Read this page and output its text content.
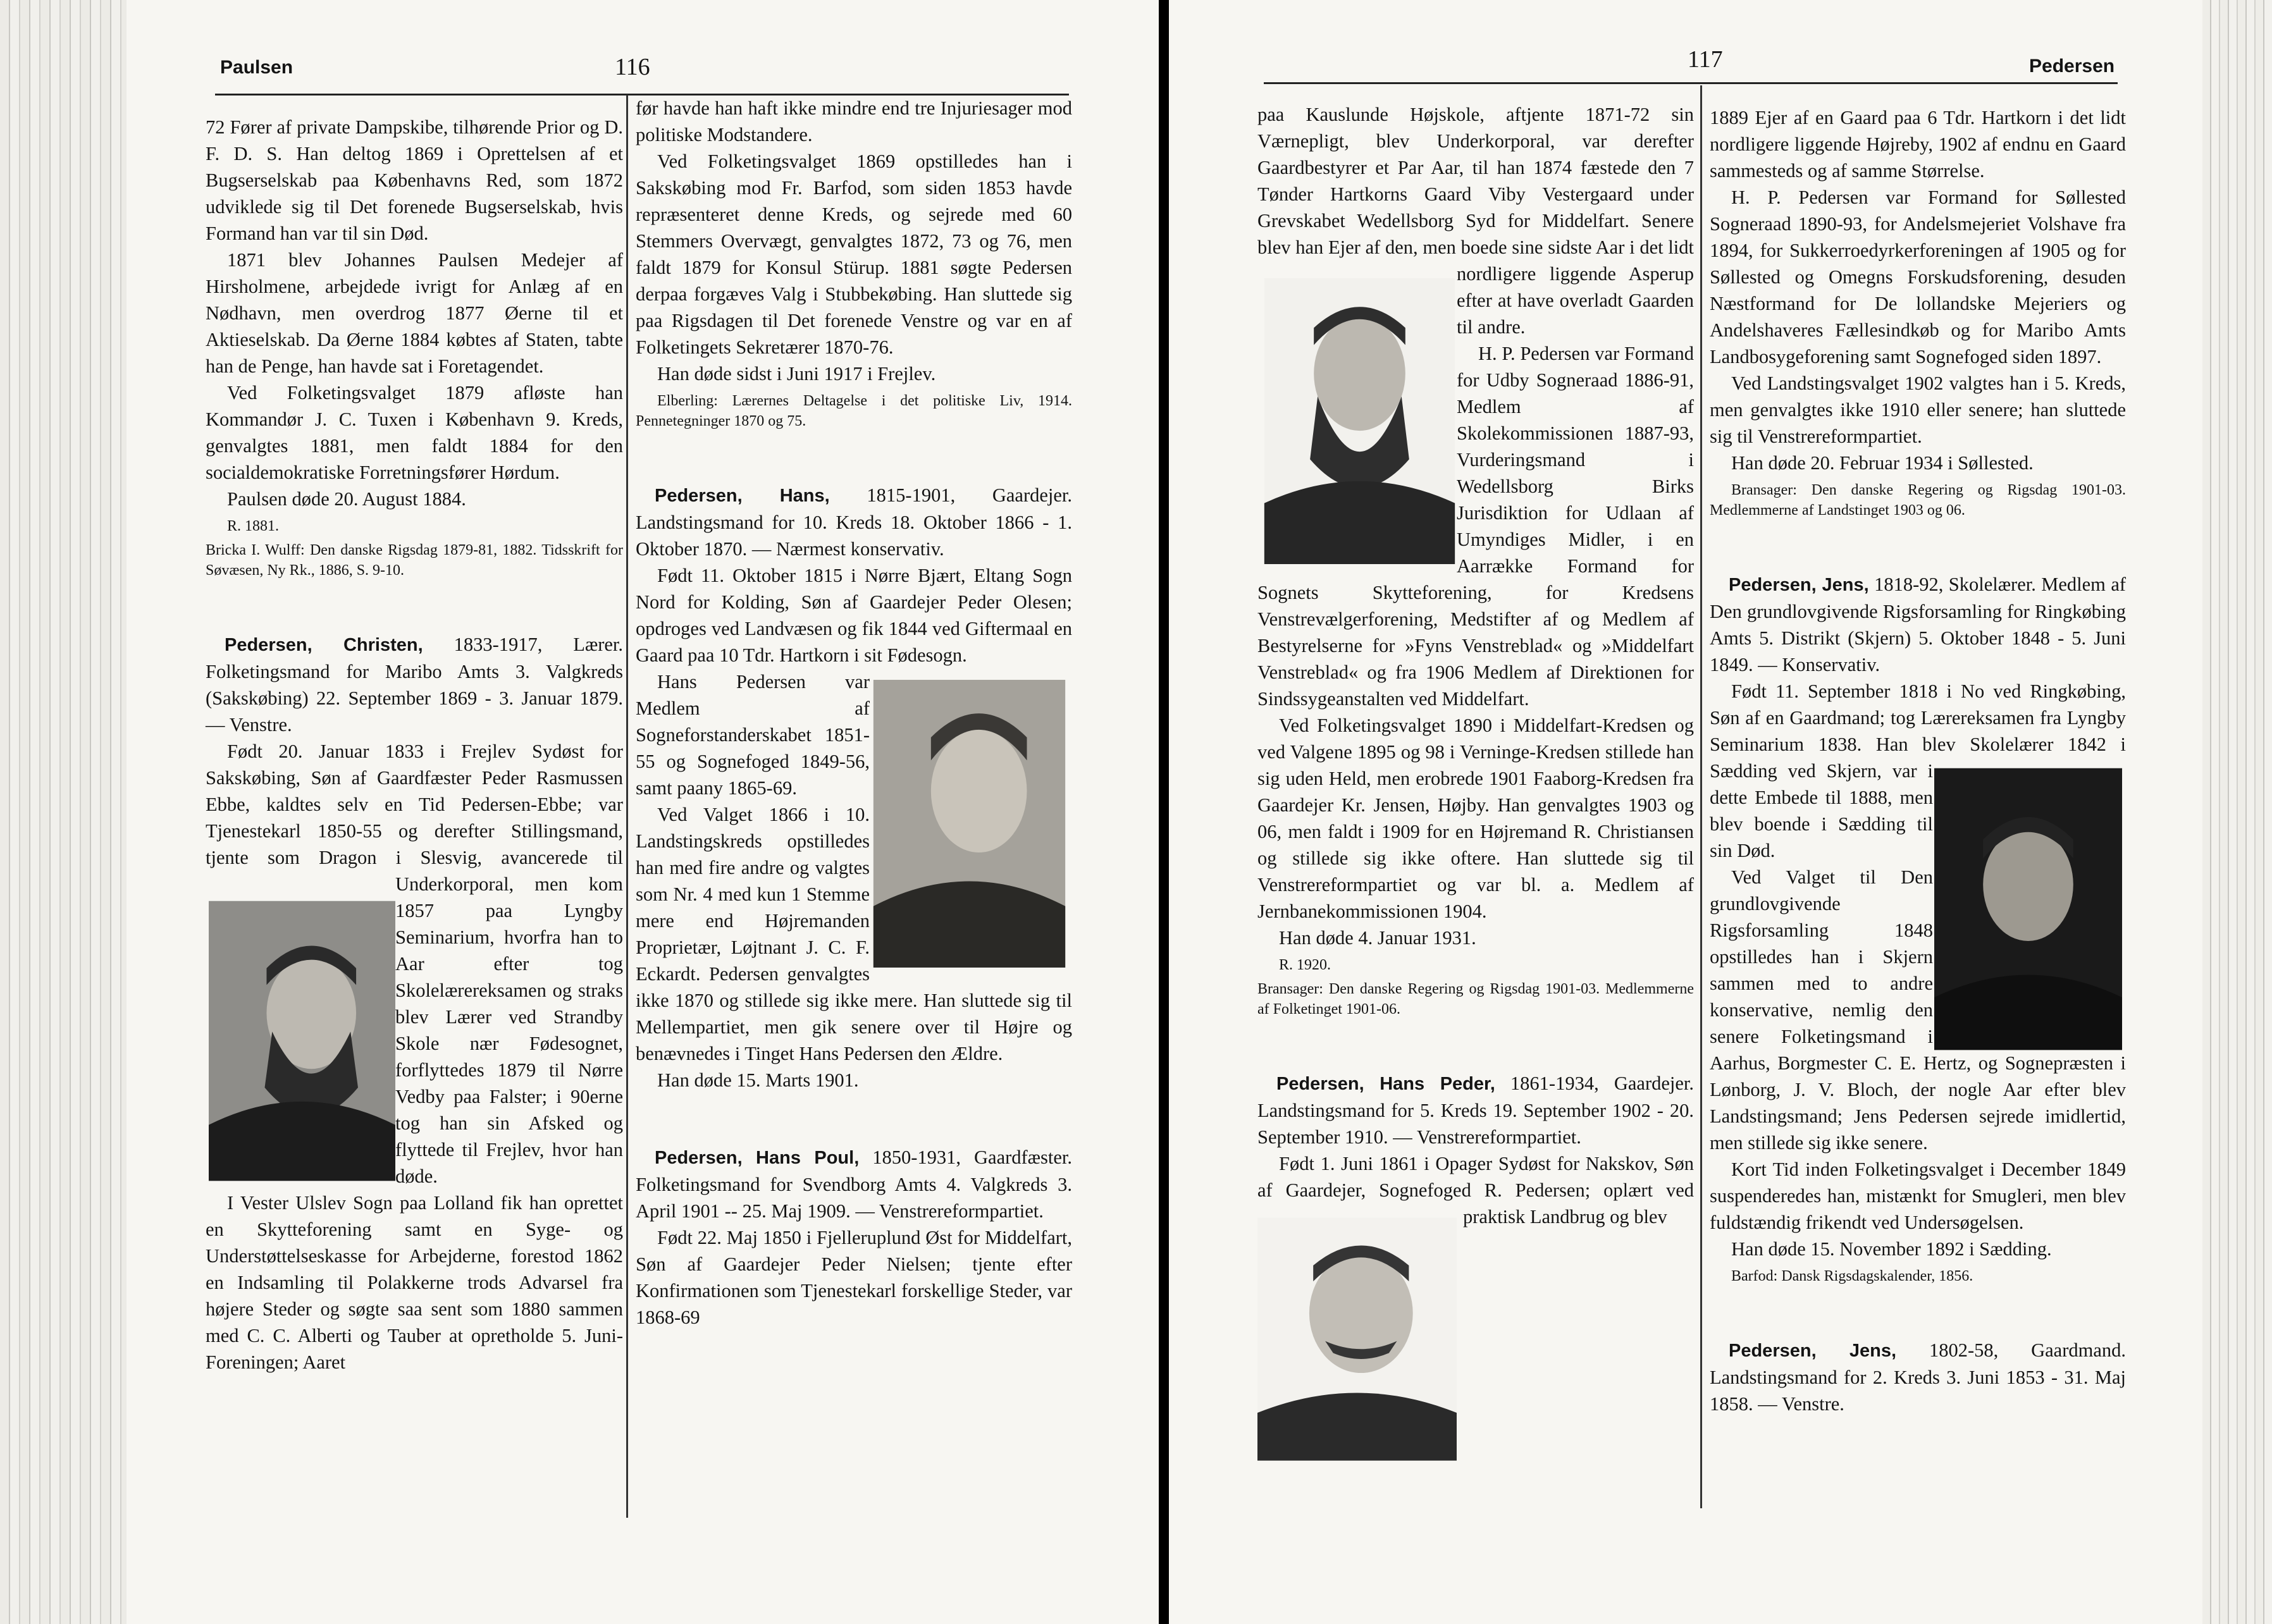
Paulsen	116

72 Fører af private Dampskibe, tilhørende Prior og D. F. D. S. Han deltog 1869 i Oprettelsen af et Bugserselskab paa Københavns Red, som 1872 udviklede sig til Det forenede Bugserselskab, hvis Formand han var til sin Død.

1871 blev Johannes Paulsen Medejer af Hirsholmene, arbejdede ivrigt for Anlæg af en Nødhavn, men overdrog 1877 Øerne til et Aktieselskab. Da Øerne 1884 købtes af Staten, tabte han de Penge, han havde sat i Foretagendet.

Ved Folketingsvalget 1879 afløste han Kommandør J. C. Tuxen i København 9. Kreds, genvalgtes 1881, men faldt 1884 for den socialdemokratiske Forretningsfører Hørdum.

Paulsen døde 20. August 1884.

R. 1881.

Bricka I. Wulff: Den danske Rigsdag 1879-81, 1882. Tidsskrift for Søvæsen, Ny Rk., 1886, S. 9-10.

Pedersen, Christen, 1833-1917, Lærer. Folketingsmand for Maribo Amts 3. Valgkreds (Sakskøbing) 22. September 1869 - 3. Januar 1879. — Venstre.

Født 20. Januar 1833 i Frejlev Sydøst for Sakskøbing, Søn af Gaardfæster Peder Rasmussen Ebbe, kaldtes selv en Tid Pedersen-Ebbe; var Tjenestekarl 1850-55 og derefter Stillingsmand, tjente som Dragon i Slesvig, avancerede til Underkorporal, men kom 1857 paa Lyngby Seminarium, hvorfra han to Aar efter tog Skolelærereksamen og straks blev Lærer ved Strandby Skole nær Fødesognet, forflyttedes 1879 til Nørre Vedby paa Falster; i 90erne tog han sin Afsked og flyttede til Frejlev, hvor han døde.

I Vester Ulslev Sogn paa Lolland fik han oprettet en Skytteforening samt en Syge- og Understøttelseskasse for Arbejderne, forestod 1862 en Indsamling til Polakkerne trods Advarsel fra højere Steder og søgte saa sent som 1880 sammen med C. C. Alberti og Tauber at opretholde 5. Juni-Foreningen; Aaret

før havde han haft ikke mindre end tre Injuriesager mod politiske Modstandere.

Ved Folketingsvalget 1869 opstilledes han i Sakskøbing mod Fr. Barfod, som siden 1853 havde repræsenteret denne Kreds, og sejrede med 60 Stemmers Overvægt, genvalgtes 1872, 73 og 76, men faldt 1879 for Konsul Stürup. 1881 søgte Pedersen derpaa forgæves Valg i Stubbekøbing. Han sluttede sig paa Rigsdagen til Det forenede Venstre og var en af Folketingets Sekretærer 1870-76.

Han døde sidst i Juni 1917 i Frejlev.

Elberling: Lærernes Deltagelse i det politiske Liv, 1914. Pennetegninger 1870 og 75.

Pedersen, Hans, 1815-1901, Gaardejer. Landstingsmand for 10. Kreds 18. Oktober 1866 - 1. Oktober 1870. — Nærmest konservativ.

Født 11. Oktober 1815 i Nørre Bjært, Eltang Sogn Nord for Kolding, Søn af Gaardejer Peder Olesen; opdroges ved Landvæsen og fik 1844 ved Giftermaal en Gaard paa 10 Tdr. Hartkorn i sit Fødesogn.

Hans Pedersen var Medlem af Sogneforstanderskabet 1851-55 og Sognefoged 1849-56, samt paany 1865-69.

Ved Valget 1866 i 10. Landstingskreds opstilledes han med fire andre og valgtes som Nr. 4 med kun 1 Stemme mere end Højremanden Proprietær, Løjtnant J. C. F. Eckardt. Pedersen genvalgtes ikke 1870 og stillede sig ikke mere. Han sluttede sig til Mellempartiet, men gik senere over til Højre og benævnedes i Tinget Hans Pedersen den Ældre.

Han døde 15. Marts 1901.

Pedersen, Hans Poul, 1850-1931, Gaardfæster. Folketingsmand for Svendborg Amts 4. Valgkreds 3. April 1901 -- 25. Maj 1909. — Venstrereformpartiet.

Født 22. Maj 1850 i Fjelleruplund Øst for Middelfart, Søn af Gaardejer Peder Nielsen; tjente efter Konfirmationen som Tjenestekarl forskellige Steder, var 1868-69

117	Pedersen

paa Kauslunde Højskole, aftjente 1871-72 sin Værnepligt, blev Underkorporal, var derefter Gaardbestyrer et Par Aar, til han 1874 fæstede den 7 Tønder Hartkorns Gaard Viby Vestergaard under Grevskabet Wedellsborg Syd for Middelfart. Senere blev han Ejer af den, men boede sine sidste Aar i det lidt nordligere liggende Asperup efter at have overladt Gaarden til andre.

H. P. Pedersen var Formand for Udby Sogneraad 1886-91, Medlem af Skolekommissionen 1887-93, Vurderingsmand i Wedellsborg Birks Jurisdiktion for Udlaan af Umyndiges Midler, i en Aarrække Formand for Sognets Skytteforening, for Kredsens Venstrevælgerforening, Medstifter af og Medlem af Bestyrelserne for »Fyns Venstreblad« og »Middelfart Venstreblad« og fra 1906 Medlem af Direktionen for Sindssygeanstalten ved Middelfart.

Ved Folketingsvalget 1890 i Middelfart-Kredsen og ved Valgene 1895 og 98 i Verninge-Kredsen stillede han sig uden Held, men erobrede 1901 Faaborg-Kredsen fra Gaardejer Kr. Jensen, Højby. Han genvalgtes 1903 og 06, men faldt i 1909 for en Højremand R. Christiansen og stillede sig ikke oftere. Han sluttede sig til Venstrereformpartiet og var bl. a. Medlem af Jernbanekommissionen 1904.

Han døde 4. Januar 1931.

R. 1920.

Bransager: Den danske Regering og Rigsdag 1901-03. Medlemmerne af Folketinget 1901-06.

Pedersen, Hans Peder, 1861-1934, Gaardejer. Landstingsmand for 5. Kreds 19. September 1902 - 20. September 1910. — Venstrereformpartiet.

Født 1. Juni 1861 i Opager Sydøst for Nakskov, Søn af Gaardejer, Sognefoged R. Pedersen; oplært ved praktisk Landbrug og blev

1889 Ejer af en Gaard paa 6 Tdr. Hartkorn i det lidt nordligere liggende Højreby, 1902 af endnu en Gaard sammesteds og af samme Størrelse.

H. P. Pedersen var Formand for Søllested Sogneraad 1890-93, for Andelsmejeriet Volshave fra 1894, for Sukkerroedyrkerforeningen af 1905 og for Søllested og Omegns Forskudsforening, desuden Næstformand for De lollandske Mejeriers og Andelshaveres Fællesindkøb og for Maribo Amts Landbosygeforening samt Sognefoged siden 1897.

Ved Landstingsvalget 1902 valgtes han i 5. Kreds, men genvalgtes ikke 1910 eller senere; han sluttede sig til Venstrereformpartiet.

Han døde 20. Februar 1934 i Søllested.

Bransager: Den danske Regering og Rigsdag 1901-03. Medlemmerne af Landstinget 1903 og 06.

Pedersen, Jens, 1818-92, Skolelærer. Medlem af Den grundlovgivende Rigsforsamling for Ringkøbing Amts 5. Distrikt (Skjern) 5. Oktober 1848 - 5. Juni 1849. — Konservativ.

Født 11. September 1818 i No ved Ringkøbing, Søn af en Gaardmand; tog Lærereksamen fra Lyngby Seminarium 1838. Han blev Skolelærer 1842 i Sædding ved Skjern, var i dette Embede til 1888, men blev boende i Sædding til sin Død.

Ved Valget til Den grundlovgivende Rigsforsamling 1848 opstilledes han i Skjern sammen med to andre konservative, nemlig den senere Folketingsmand i Aarhus, Borgmester C. E. Hertz, og Sognepræsten i Lønborg, J. V. Bloch, der nogle Aar efter blev Landstingsmand; Jens Pedersen sejrede imidlertid, men stillede sig ikke senere.

Kort Tid inden Folketingsvalget i December 1849 suspenderedes han, mistænkt for Smugleri, men blev fuldstændig frikendt ved Undersøgelsen.

Han døde 15. November 1892 i Sædding.

Barfod: Dansk Rigsdagskalender, 1856.

Pedersen, Jens, 1802-58, Gaardmand. Landstingsmand for 2. Kreds 3. Juni 1853 - 31. Maj 1858. — Venstre.
